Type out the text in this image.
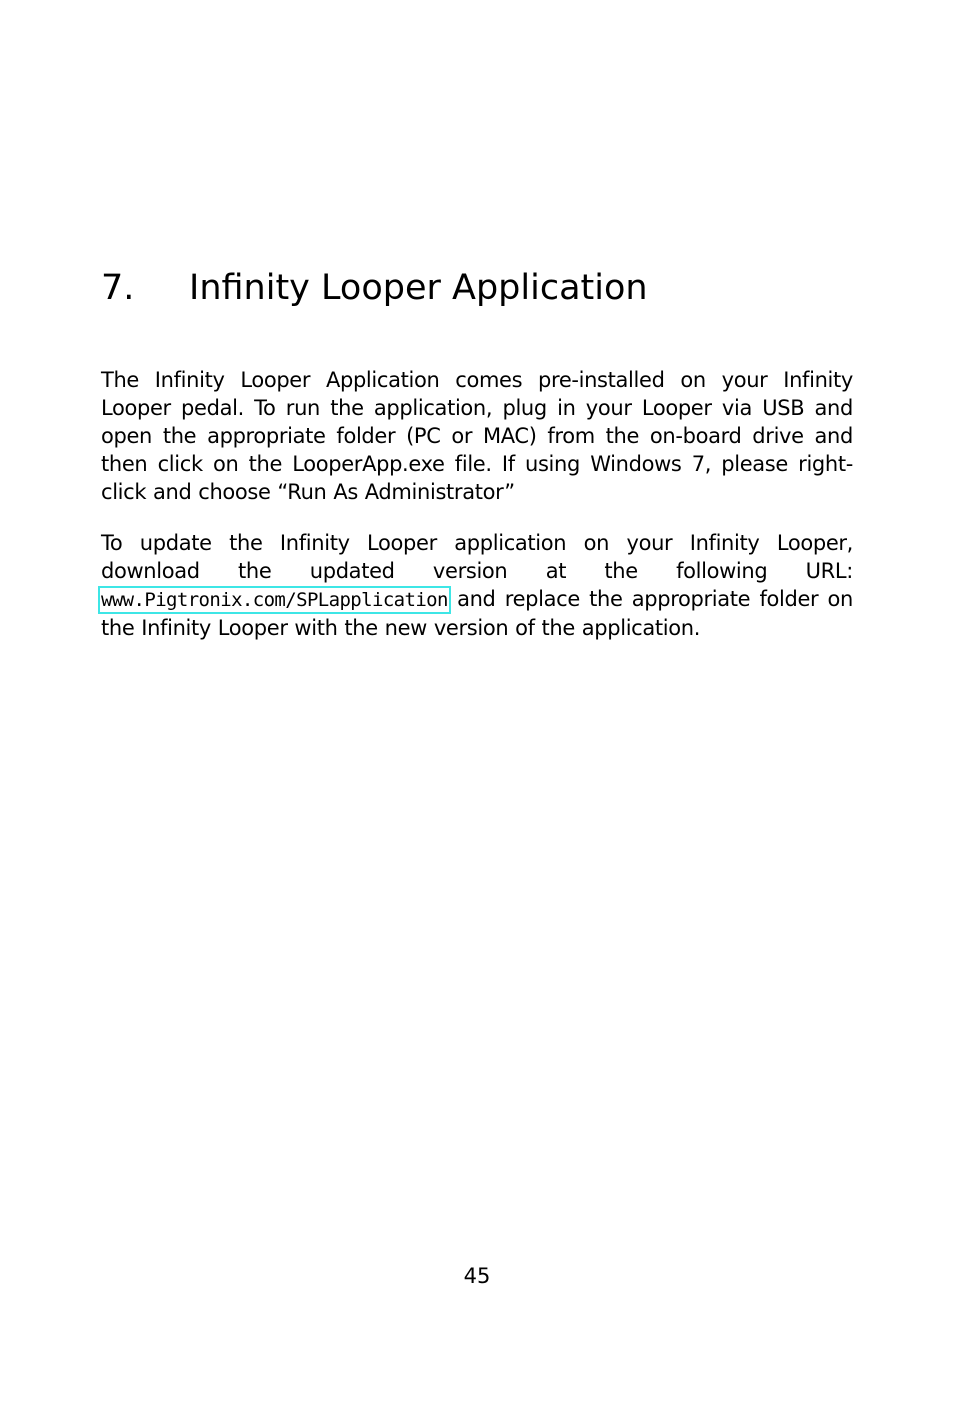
7. Infinity Looper Application

The Infinity Looper Application comes pre-installed on your Infinity Looper pedal. To run the application, plug in your Looper via USB and open the appropriate folder (PC or MAC) from the on-board drive and then click on the LooperApp.exe file. If using Windows 7, please right-click and choose “Run As Administrator”

To update the Infinity Looper application on your Infinity Looper, download the updated version at the following URL: www.Pigtronix.com/SPLapplication and replace the appropriate folder on the Infinity Looper with the new version of the application.

45
